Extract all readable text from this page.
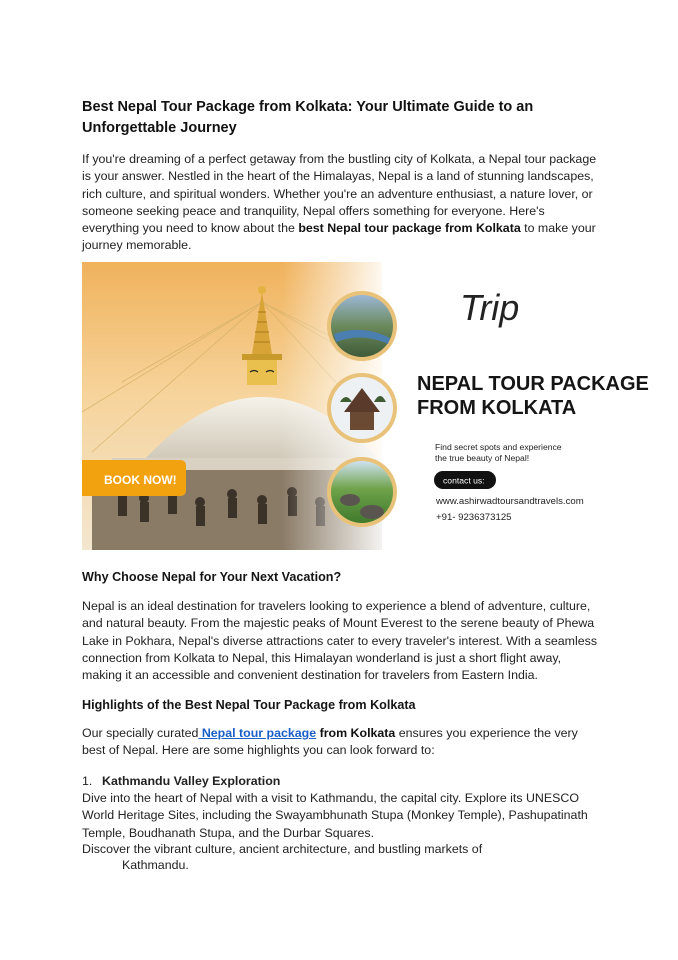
Best Nepal Tour Package from Kolkata: Your Ultimate Guide to an Unforgettable Journey

If you're dreaming of a perfect getaway from the bustling city of Kolkata, a Nepal tour package is your answer. Nestled in the heart of the Himalayas, Nepal is a land of stunning landscapes, rich culture, and spiritual wonders. Whether you're an adventure enthusiast, a nature lover, or someone seeking peace and tranquility, Nepal offers something for everyone. Here's everything you need to know about the best Nepal tour package from Kolkata to make your journey memorable.

BOOK NOW!
Trip
NEPAL TOUR PACKAGE
FROM KOLKATA
Find secret spots and experience
the true beauty of Nepal!
contact us:
www.ashirwadtoursandtravels.com
+91- 9236373125
Why Choose Nepal for Your Next Vacation?

Nepal is an ideal destination for travelers looking to experience a blend of adventure, culture, and natural beauty. From the majestic peaks of Mount Everest to the serene beauty of Phewa Lake in Pokhara, Nepal's diverse attractions cater to every traveler's interest. With a seamless connection from Kolkata to Nepal, this Himalayan wonderland is just a short flight away, making it an accessible and convenient destination for travelers from Eastern India.

Highlights of the Best Nepal Tour Package from Kolkata

Our specially curated Nepal tour package from Kolkata ensures you experience the very best of Nepal. Here are some highlights you can look forward to:

1. Kathmandu Valley Exploration

Dive into the heart of Nepal with a visit to Kathmandu, the capital city. Explore its UNESCO World Heritage Sites, including the Swayambhunath Stupa (Monkey Temple), Pashupatinath Temple, Boudhanath Stupa, and the Durbar Squares.

Discover the vibrant culture, ancient architecture, and bustling markets of

Kathmandu.
